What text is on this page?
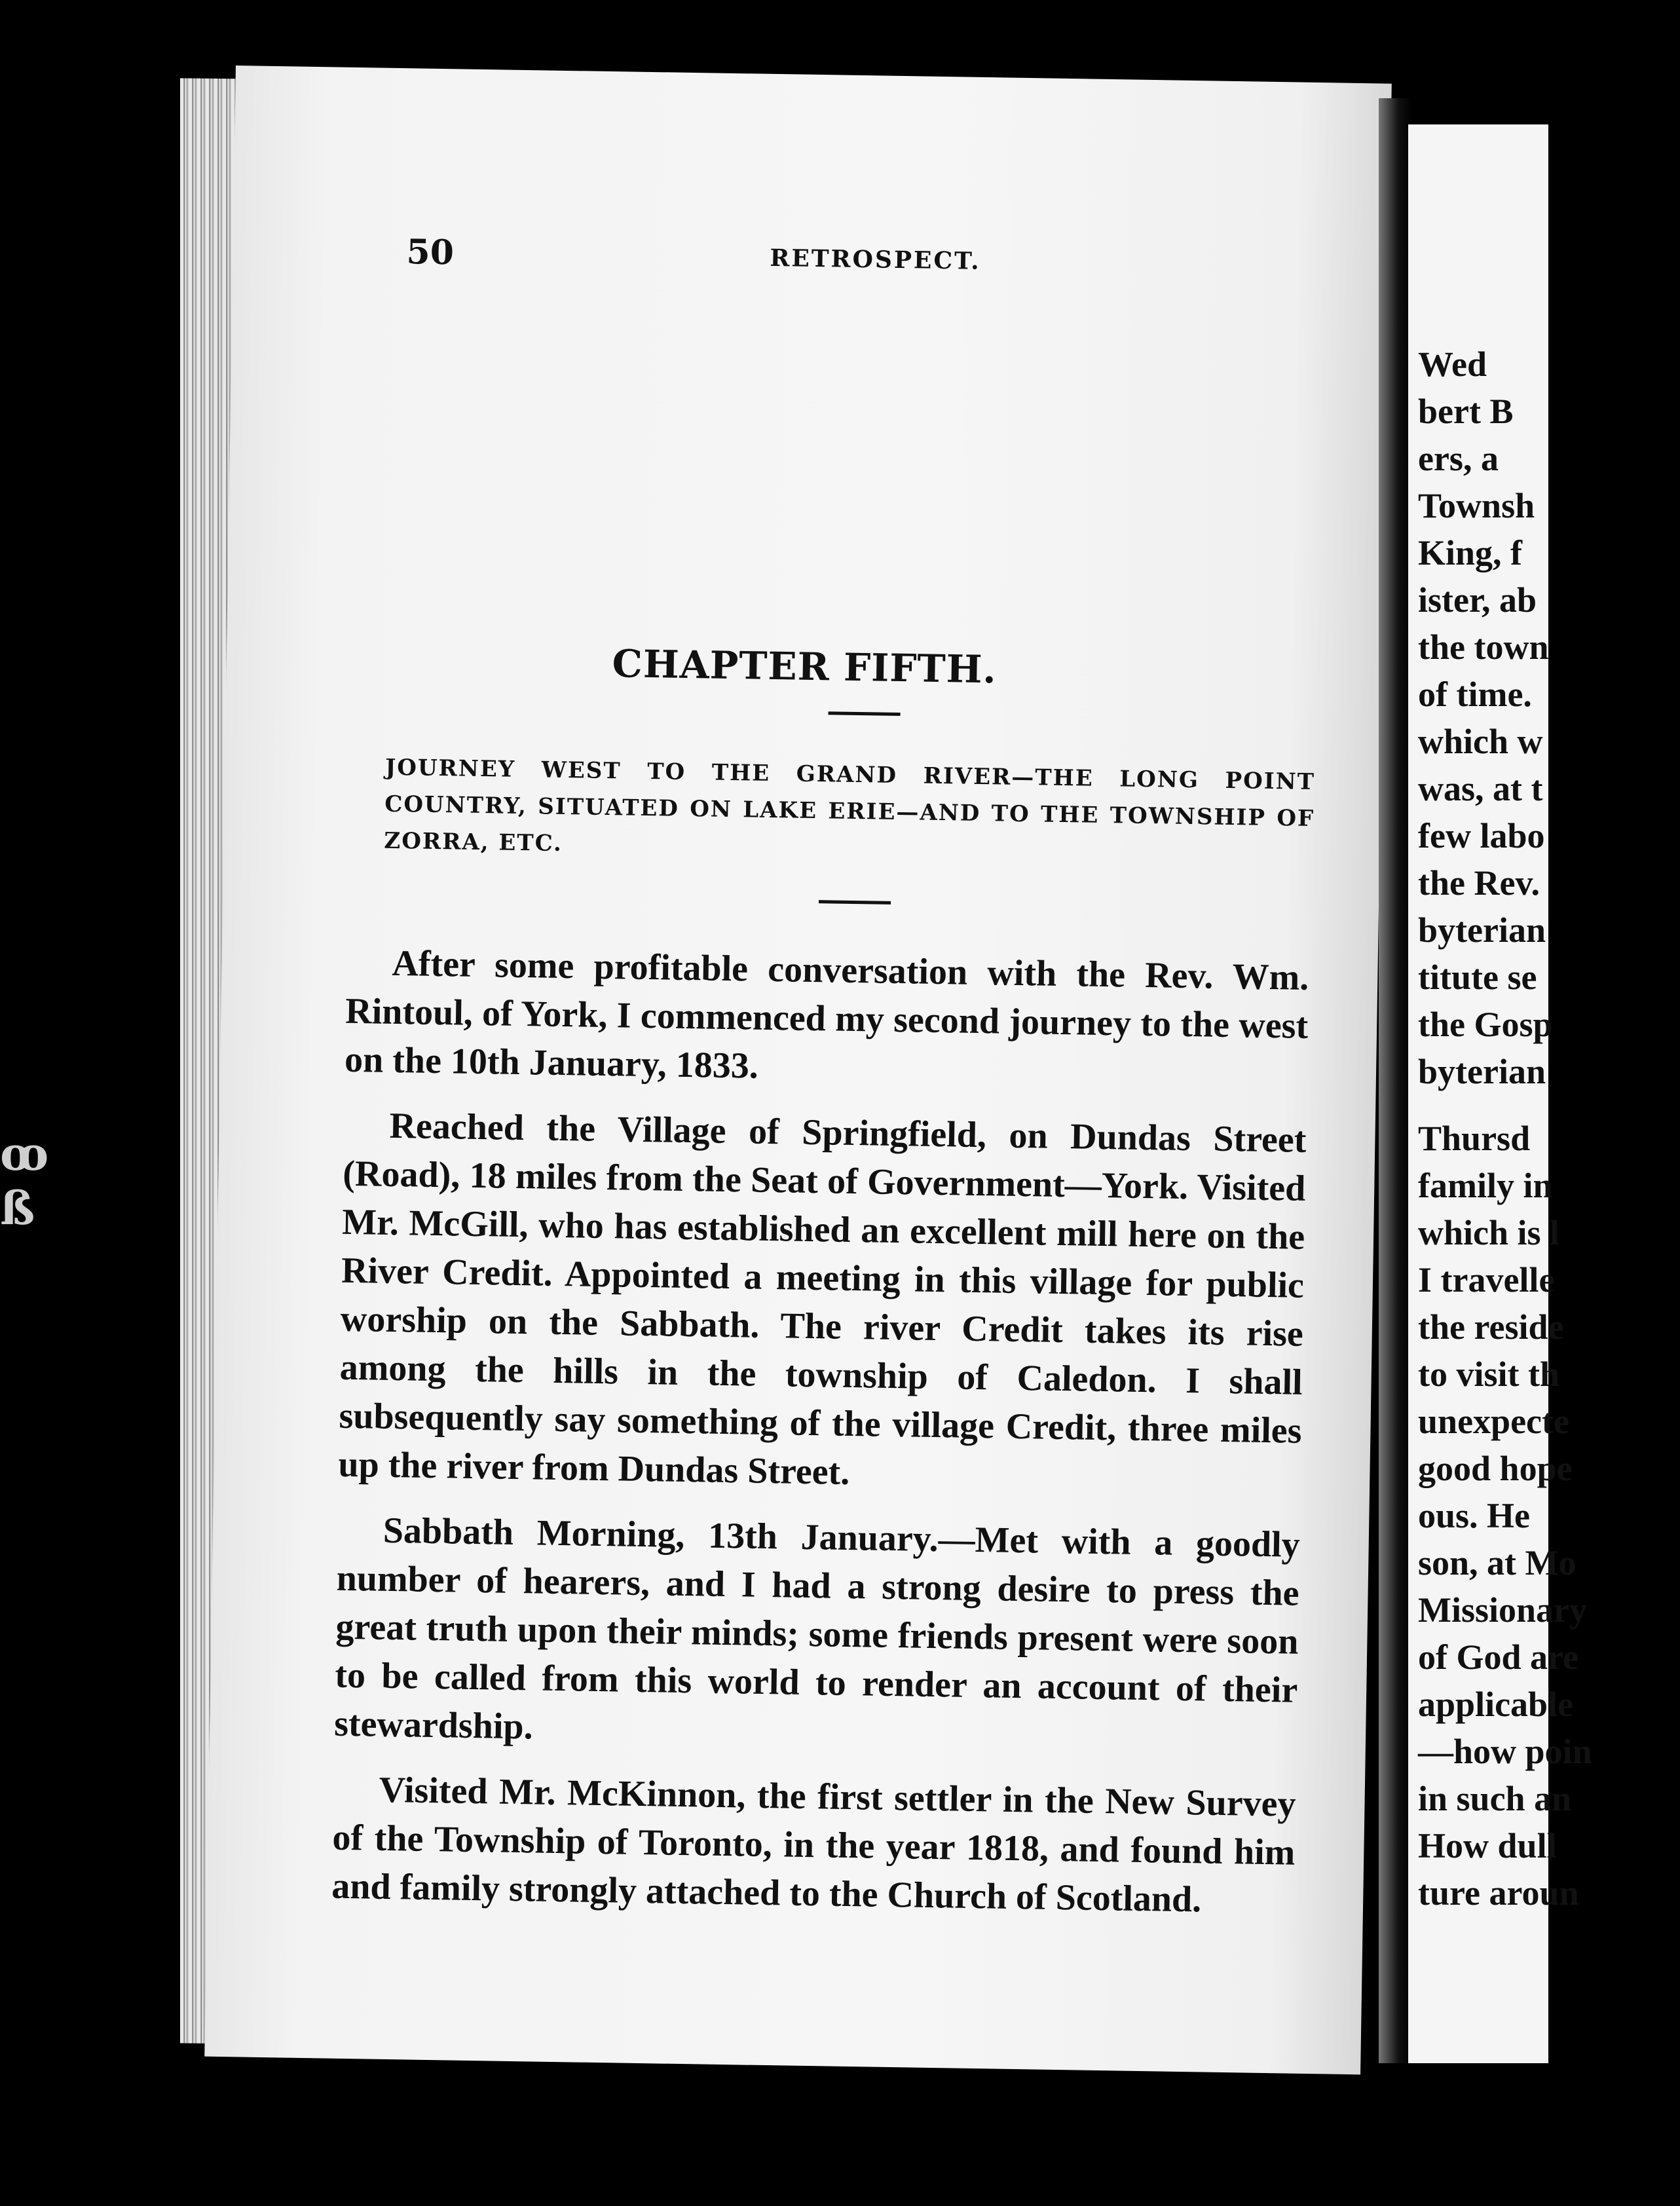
ꝏ ß
50	RETROSPECT.
CHAPTER FIFTH.
JOURNEY WEST TO THE GRAND RIVER—THE LONG POINT COUNTRY, SITUATED ON LAKE ERIE—AND TO THE TOWNSHIP OF ZORRA, ETC.

After some profitable conversation with the Rev. Wm. Rintoul, of York, I commenced my second journey to the west on the 10th January, 1833.

Reached the Village of Springfield, on Dundas Street (Road), 18 miles from the Seat of Government—York. Visited Mr. McGill, who has established an excellent mill here on the River Credit. Appointed a meeting in this village for public worship on the Sabbath. The river Credit takes its rise among the hills in the township of Caledon. I shall subsequently say something of the village Credit, three miles up the river from Dundas Street.

Sabbath Morning, 13th January.—Met with a goodly number of hearers, and I had a strong desire to press the great truth upon their minds; some friends present were soon to be called from this world to render an account of their stewardship.

Visited Mr. McKinnon, the first settler in the New Survey of the Township of Toronto, in the year 1818, and found him and family strongly attached to the Church of Scotland.

Wed
bert B
ers, a
Townsh
King, f
ister, ab
the town
of time.
which w
was, at t
few labo
the Rev.
byterian
titute se
the Gosp
byterian
Thursd
family in
which is l
I travelle
the reside
to visit th
unexpecte
good hope
ous. He
son, at Mo
Missionary
of God are
applicable
—how poin
in such an
How dull
ture aroun
